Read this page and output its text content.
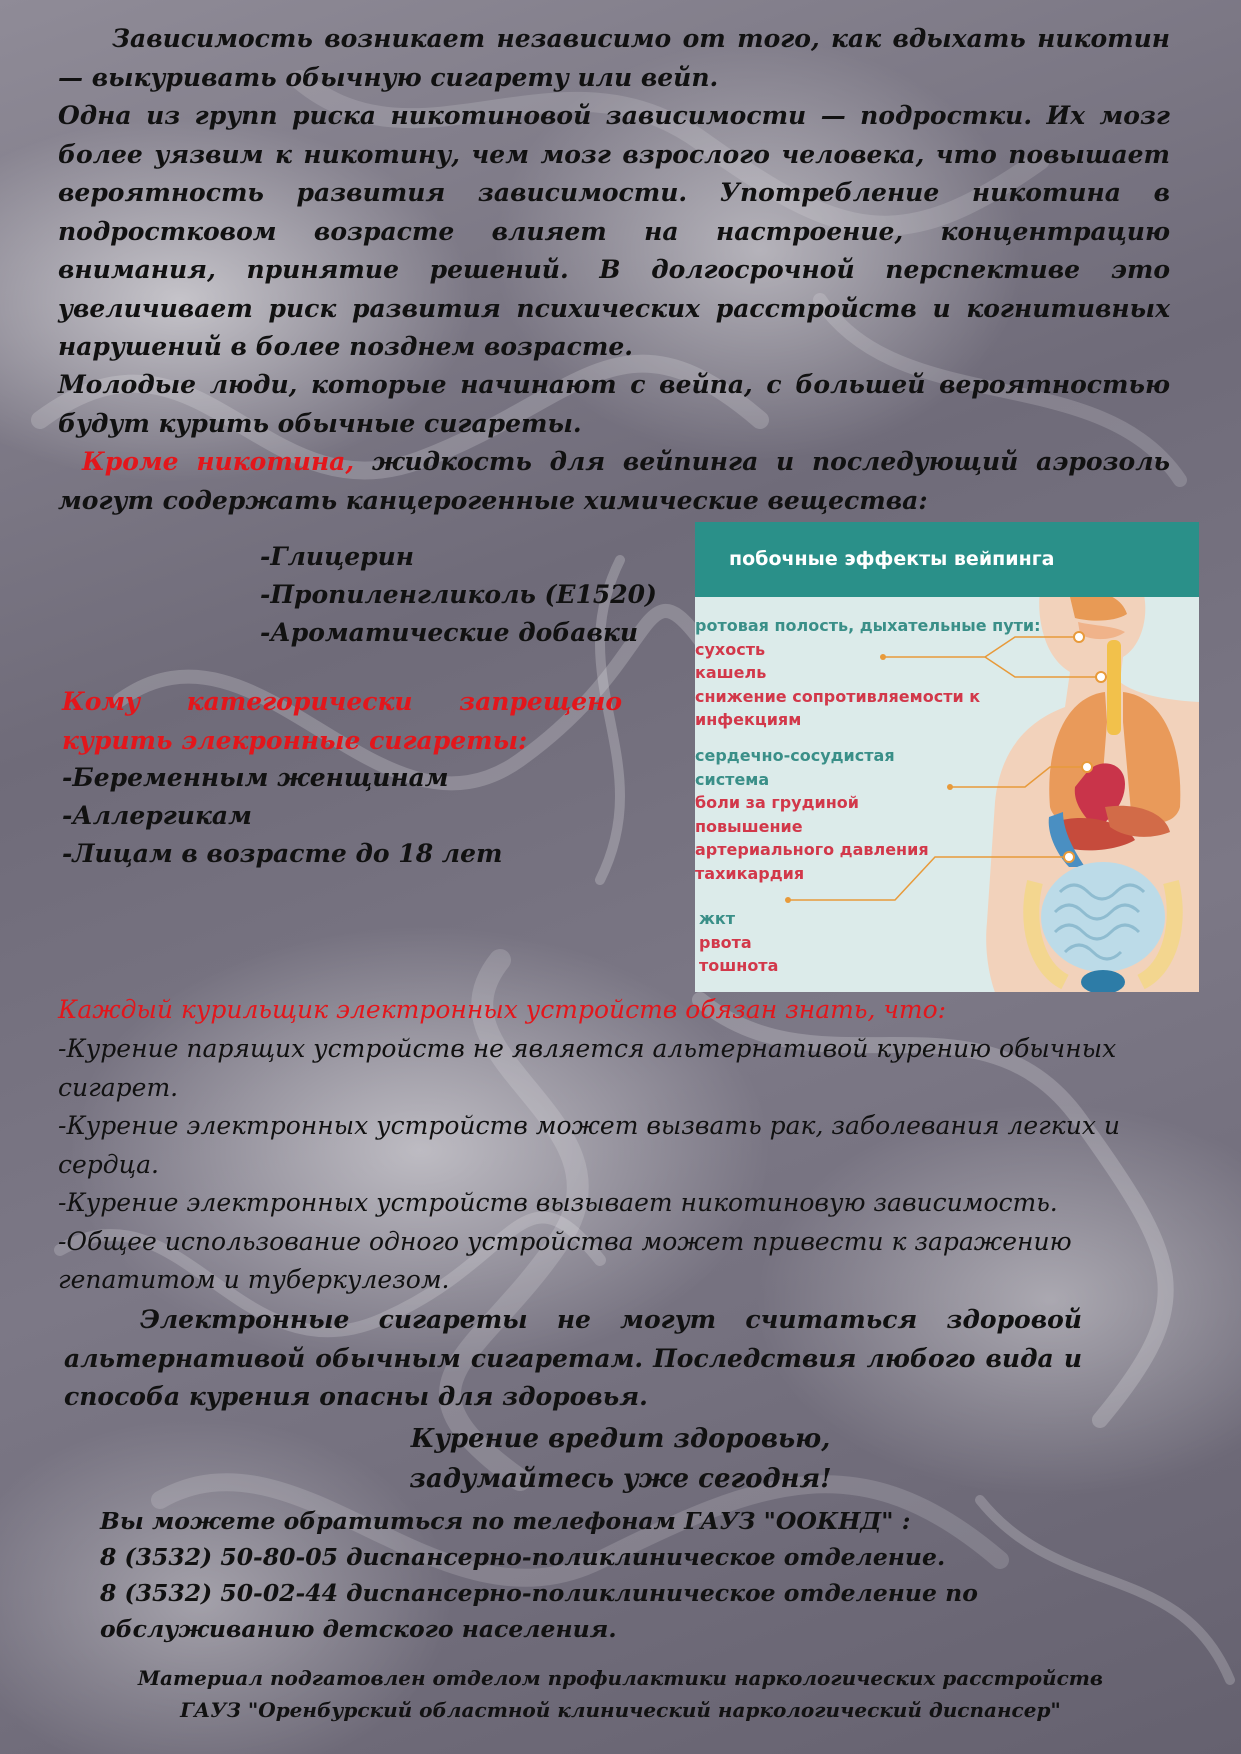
Зависимость возникает независимо от того, как вдыхать никотин — выкуривать обычную сигарету или вейп.

Одна из групп риска никотиновой зависимости — подростки. Их мозг более уязвим к никотину, чем мозг взрослого человека, что повышает вероятность развития зависимости. Употребление никотина в подростковом возрасте влияет на настроение, концентрацию внимания, принятие решений. В долгосрочной перспективе это увеличивает риск развития психических расстройств и когнитивных нарушений в более позднем возрасте.

Молодые люди, которые начинают с вейпа, с большей вероятностью будут курить обычные сигареты.

Кроме никотина, жидкость для вейпинга и последующий аэрозоль могут содержать канцерогенные химические вещества:

-Глицерин
-Пропиленгликоль (Е1520)
-Ароматические добавки

Кому категорически запрещено курить элекронные сигареты:

-Беременным женщинам
-Аллергикам
-Лицам в возрасте до 18 лет
побочные эффекты вейпинга
ротовая полость, дыхательные пути:
сухость
кашель
снижение сопротивляемости к
инфекциям
сердечно-сосудистая
система
боли за грудиной
повышение
артериального давления
тахикардия
жкт
рвота
тошнота

Каждый курильщик электронных устройств обязан знать, что:

-Курение парящих устройств не является альтернативой курению обычных сигарет.

-Курение электронных устройств может вызвать рак, заболевания легких и сердца.

-Курение электронных устройств вызывает никотиновую зависимость.

-Общее использование одного устройства может привести к заражению гепатитом и туберкулезом.

Электронные сигареты не могут считаться здоровой альтернативой обычным сигаретам. Последствия любого вида и способа курения опасны для здоровья.

Курение вредит здоровью,
задумайтесь уже сегодня!
Вы можете обратиться по телефонам ГАУЗ "ООКНД" :
8 (3532) 50-80-05 диспансерно-поликлиническое отделение.
8 (3532) 50-02-44 диспансерно-поликлиническое отделение по обслуживанию детского населения.
Материал подгатовлен отделом профилактики наркологических расстройств
ГАУЗ "Оренбурский областной клинический наркологический диспансер"
